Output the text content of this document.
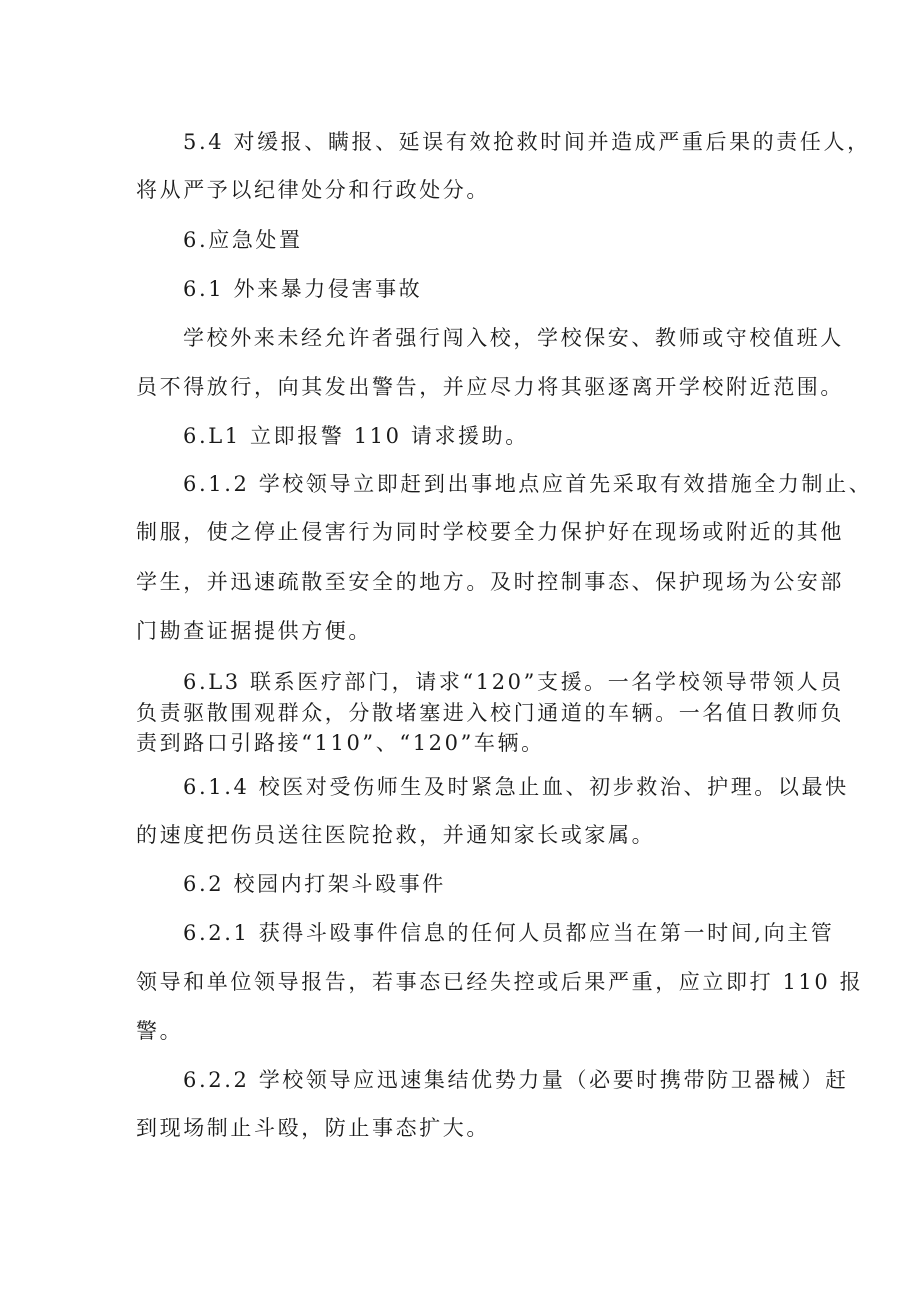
5.4 对缓报、瞒报、延误有效抢救时间并造成严重后果的责任人，
将从严予以纪律处分和行政处分。
6.应急处置
6.1 外来暴力侵害事故
学校外来未经允许者强行闯入校，学校保安、教师或守校值班人
员不得放行，向其发出警告，并应尽力将其驱逐离开学校附近范围。
6.L1 立即报警 110 请求援助。
6.1.2 学校领导立即赶到出事地点应首先采取有效措施全力制止、
制服，使之停止侵害行为同时学校要全力保护好在现场或附近的其他
学生，并迅速疏散至安全的地方。及时控制事态、保护现场为公安部
门勘查证据提供方便。
6.L3 联系医疗部门，请求“120”支援。一名学校领导带领人员
负责驱散围观群众，分散堵塞进入校门通道的车辆。一名值日教师负
责到路口引路接“110”、“120”车辆。
6.1.4 校医对受伤师生及时紧急止血、初步救治、护理。以最快
的速度把伤员送往医院抢救，并通知家长或家属。
6.2 校园内打架斗殴事件
6.2.1 获得斗殴事件信息的任何人员都应当在第一时间,向主管
领导和单位领导报告，若事态已经失控或后果严重，应立即打 110 报
警。
6.2.2 学校领导应迅速集结优势力量（必要时携带防卫器械）赶
到现场制止斗殴，防止事态扩大。
